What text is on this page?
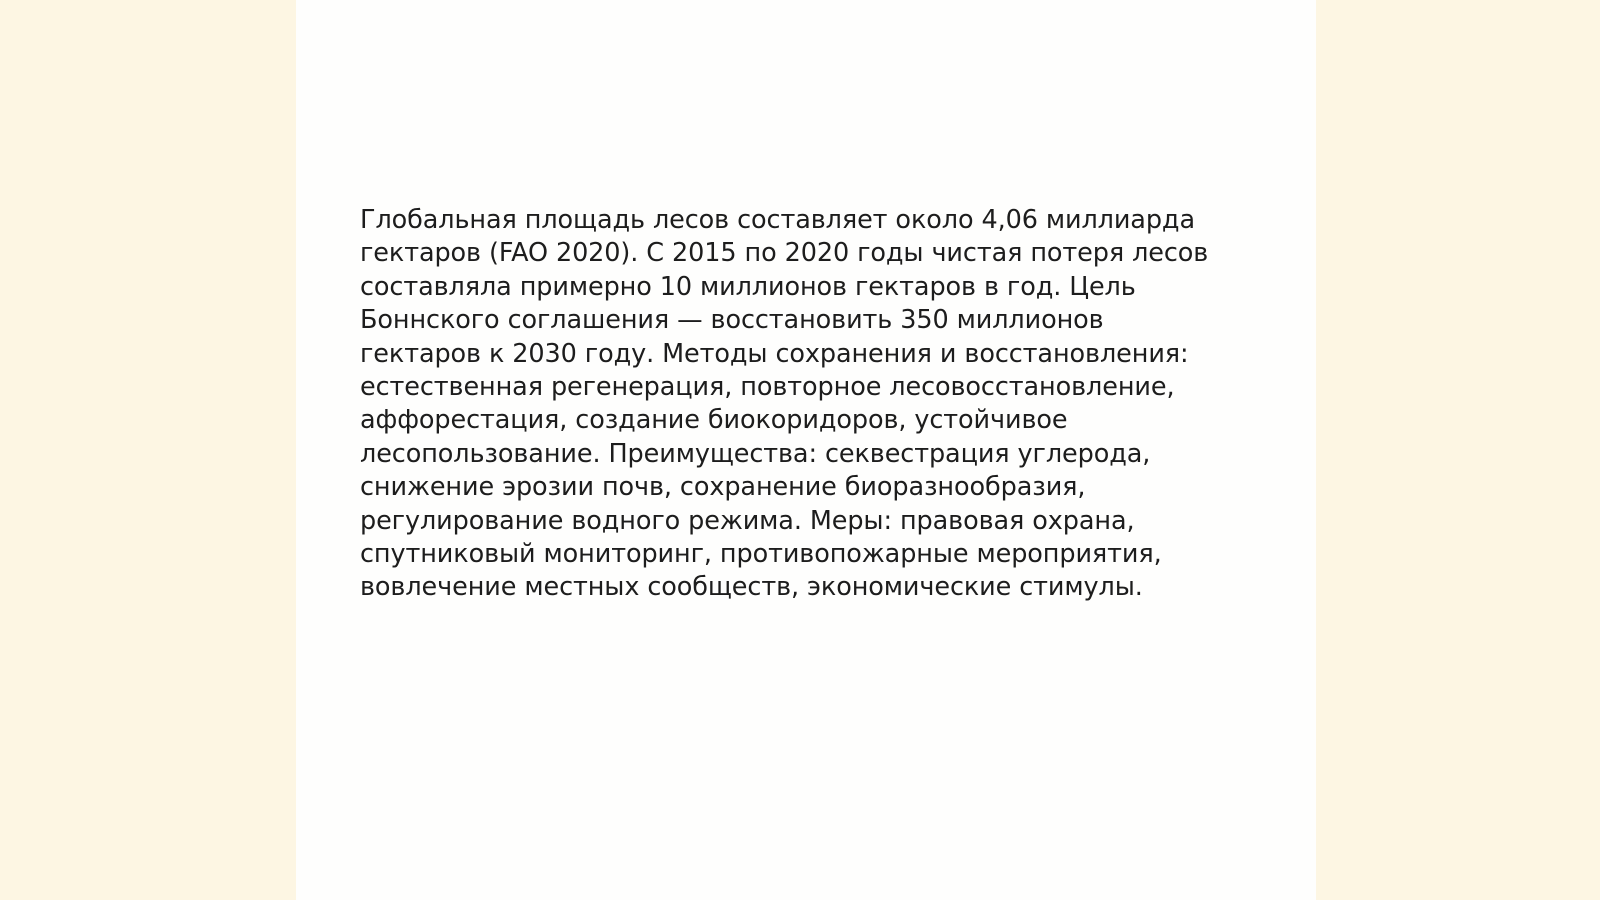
Глобальная площадь лесов составляет около 4,06 миллиарда
гектаров (FAO 2020). С 2015 по 2020 годы чистая потеря лесов
составляла примерно 10 миллионов гектаров в год. Цель
Боннского соглашения — восстановить 350 миллионов
гектаров к 2030 году. Методы сохранения и восстановления:
естественная регенерация, повторное лесовосстановление,
аффорестация, создание биокоридоров, устойчивое
лесопользование. Преимущества: секвестрация углерода,
снижение эрозии почв, сохранение биоразнообразия,
регулирование водного режима. Меры: правовая охрана,
спутниковый мониторинг, противопожарные мероприятия,
вовлечение местных сообществ, экономические стимулы.
